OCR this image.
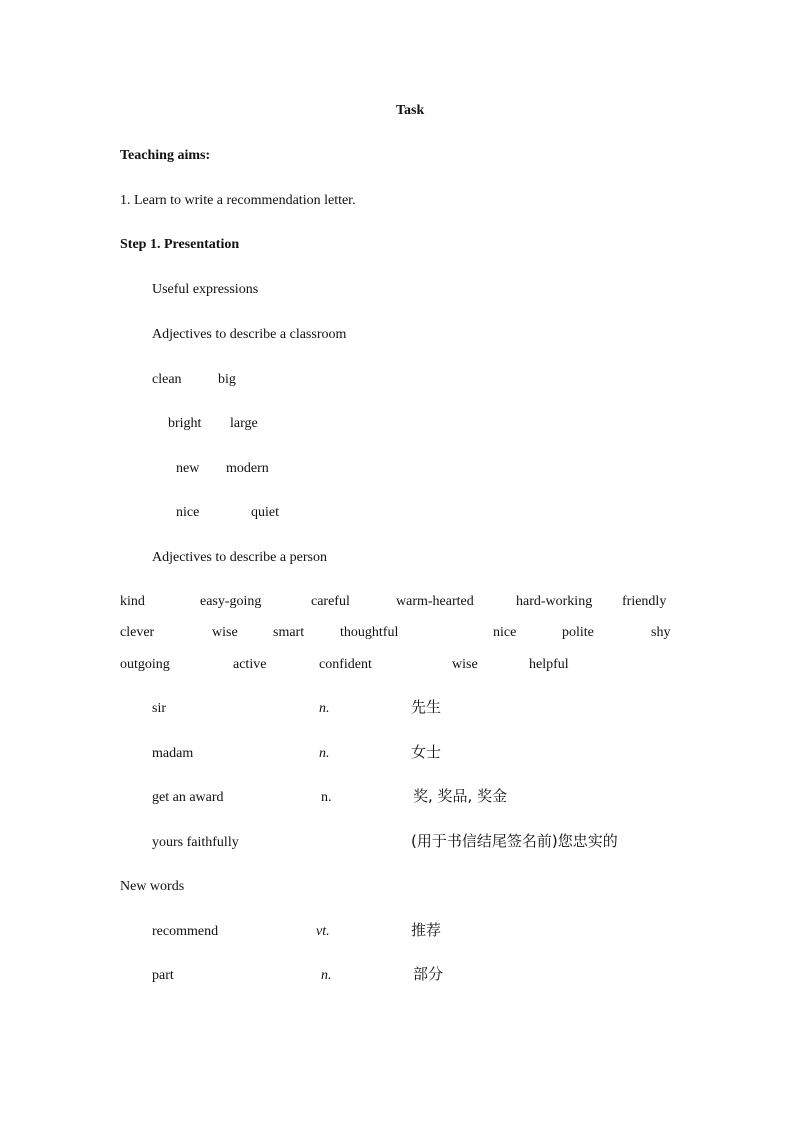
Task
Teaching aims:
1. Learn to write a recommendation letter.
Step 1. Presentation
Useful expressions
Adjectives to describe a classroom
clean	big
bright large
new modern
nice	quiet
Adjectives to describe a person
kind	easy-going	careful	warm-hearted	hard-working friendly
clever	wise	smart	thoughtful	nice	polite	shy
outgoing	active	confident	wise	helpful
sir	n.	先生
madam	n.	女士
get an award	n.	奖, 奖品, 奖金
yours faithfully	(用于书信结尾签名前)您忠实的
New words
recommend	vt.	推荐
part	n.	部分
